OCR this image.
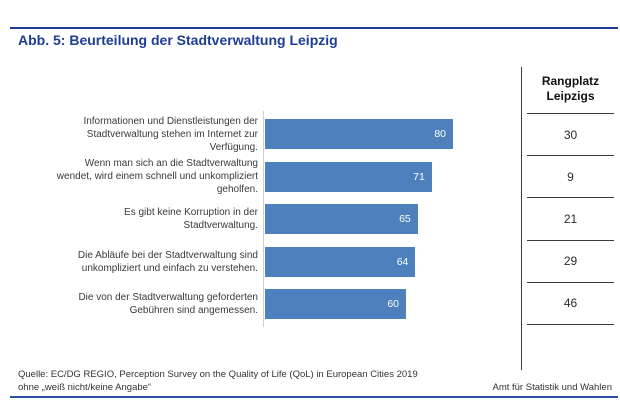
Abb. 5: Beurteilung der Stadtverwaltung Leipzig
Informationen und Dienstleistungen der
Stadtverwaltung stehen im Internet zur
Verfügung.
80
Wenn man sich an die Stadtverwaltung
wendet, wird einem schnell und unkompliziert
geholfen.
71
Es gibt keine Korruption in der
Stadtverwaltung.
65
Die Abläufe bei der Stadtverwaltung sind
unkompliziert und einfach zu verstehen.
64
Die von der Stadtverwaltung geforderten
Gebühren sind angemessen.
60
Rangplatz
Leipzigs
30
9
21
29
46
Quelle: EC/DG REGIO, Perception Survey on the Quality of Life (QoL) in European Cities 2019
ohne „weiß nicht/keine Angabe“	Amt für Statistik und Wahlen
